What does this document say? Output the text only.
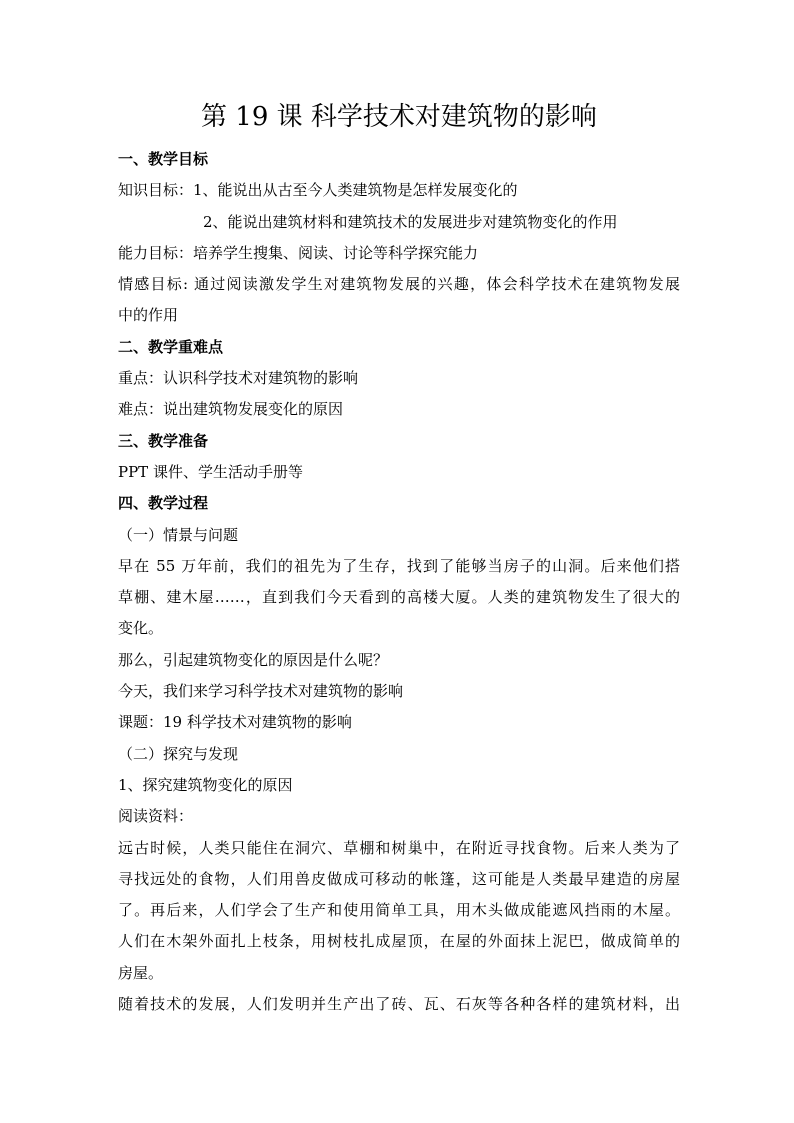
第 19 课 科学技术对建筑物的影响
一、教学目标
知识目标：1、能说出从古至今人类建筑物是怎样发展变化的
2、能说出建筑材料和建筑技术的发展进步对建筑物变化的作用
能力目标：培养学生搜集、阅读、讨论等科学探究能力
情感目标: 通过阅读激发学生对建筑物发展的兴趣，体会科学技术在建筑物发展
中的作用
二、教学重难点
重点：认识科学技术对建筑物的影响
难点：说出建筑物发展变化的原因
三、教学准备
PPT 课件、学生活动手册等
四、教学过程
（一）情景与问题
早在 55 万年前，我们的祖先为了生存，找到了能够当房子的山洞。后来他们搭
草棚、建木屋……，直到我们今天看到的高楼大厦。人类的建筑物发生了很大的
变化。
那么，引起建筑物变化的原因是什么呢？
今天，我们来学习科学技术对建筑物的影响
课题：19 科学技术对建筑物的影响
（二）探究与发现
1、探究建筑物变化的原因
阅读资料：
远古时候，人类只能住在洞穴、草棚和树巢中，在附近寻找食物。后来人类为了
寻找远处的食物，人们用兽皮做成可移动的帐篷，这可能是人类最早建造的房屋
了。再后来，人们学会了生产和使用简单工具，用木头做成能遮风挡雨的木屋。
人们在木架外面扎上枝条，用树枝扎成屋顶，在屋的外面抹上泥巴，做成简单的
房屋。
随着技术的发展，人们发明并生产出了砖、瓦、石灰等各种各样的建筑材料，出
